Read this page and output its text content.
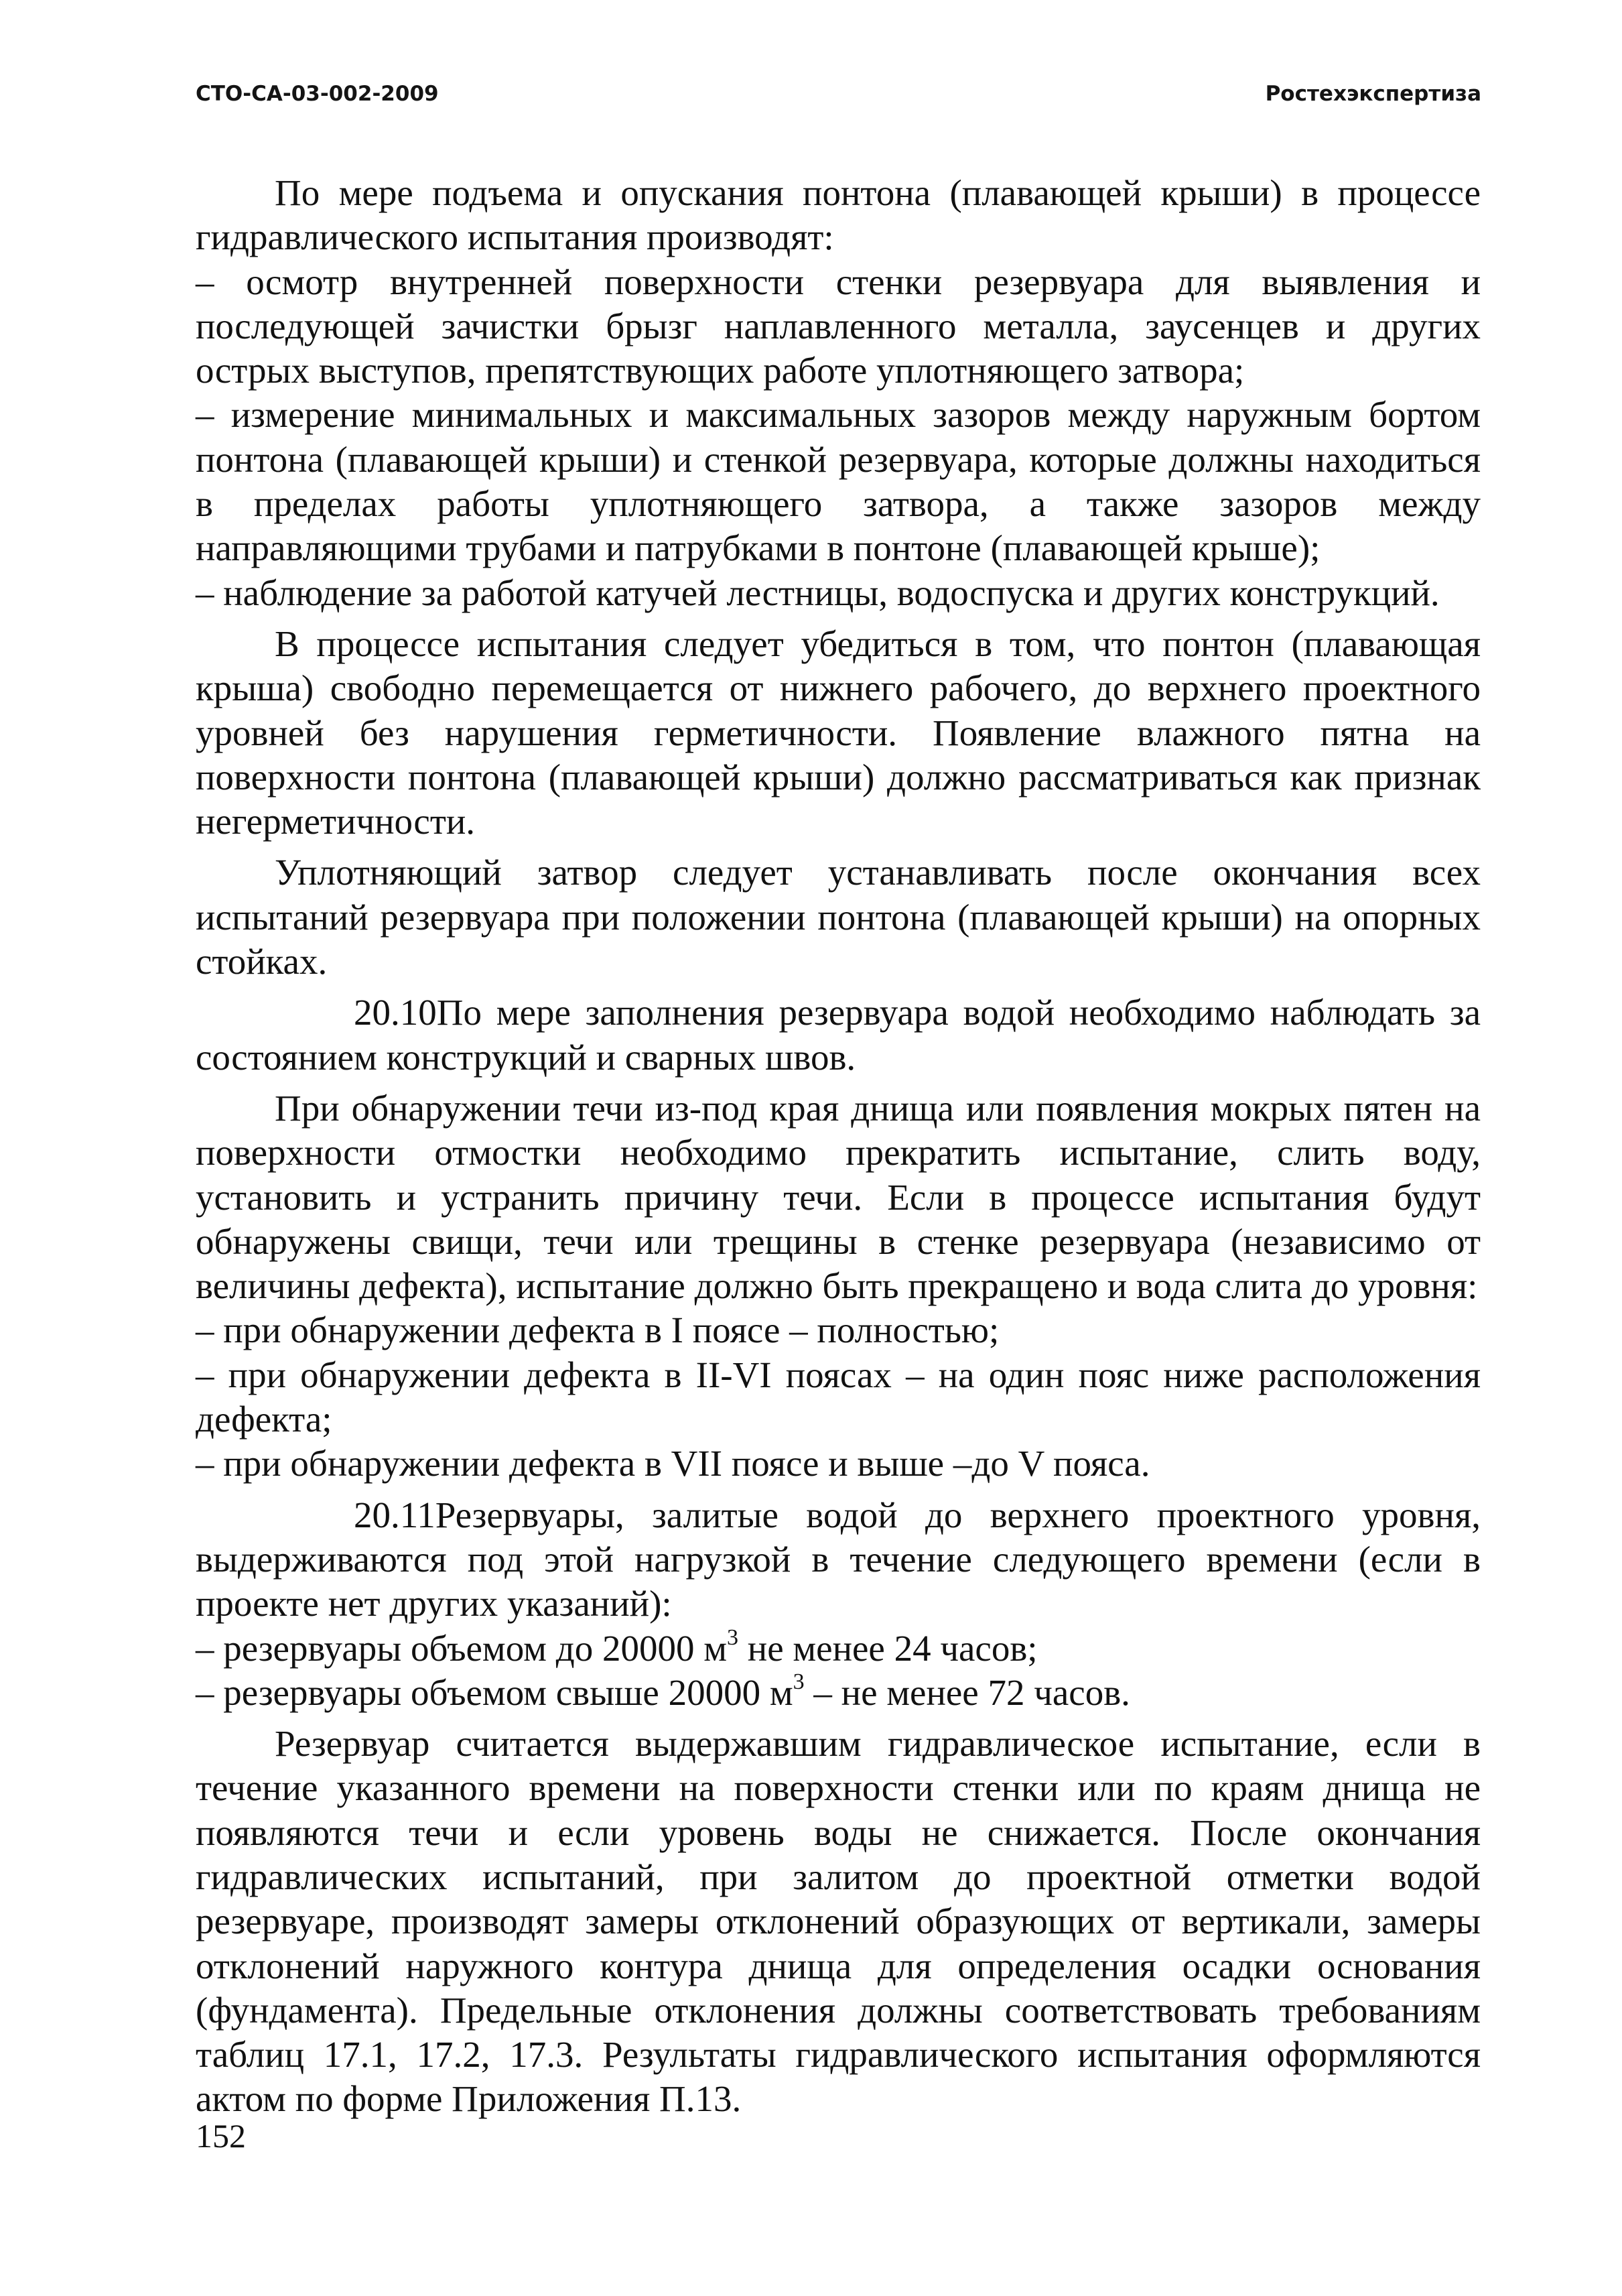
СТО-СА-03-002-2009	Ростехэкспертиза

По мере подъема и опускания понтона (плавающей крыши) в процессе гидравлического испытания производят:

– осмотр внутренней поверхности стенки резервуара для выявления и последующей зачистки брызг наплавленного металла, заусенцев и других острых выступов, препятствующих работе уплотняющего затвора;

– измерение минимальных и максимальных зазоров между наружным бортом понтона (плавающей крыши) и стенкой резервуара, которые должны находиться в пределах работы уплотняющего затвора, а также зазоров между направляющими трубами и патрубками в понтоне (плавающей крыше);

– наблюдение за работой катучей лестницы, водоспуска и других конструкций.

В процессе испытания следует убедиться в том, что понтон (плавающая крыша) свободно перемещается от нижнего рабочего, до верхнего проектного уровней без нарушения герметичности. Появление влажного пятна на поверхности понтона (плавающей крыши) должно рассматриваться как признак негерметичности.

Уплотняющий затвор следует устанавливать после окончания всех испытаний резервуара при положении понтона (плавающей крыши) на опорных стойках.

20.10По мере заполнения резервуара водой необходимо наблюдать за состоянием конструкций и сварных швов.

При обнаружении течи из-под края днища или появления мокрых пятен на поверхности отмостки необходимо прекратить испытание, слить воду, установить и устранить причину течи. Если в процессе испытания будут обнаружены свищи, течи или трещины в стенке резервуара (независимо от величины дефекта), испытание должно быть прекращено и вода слита до уровня:

– при обнаружении дефекта в I поясе – полностью;

– при обнаружении дефекта в II-VI поясах – на один пояс ниже расположения дефекта;

– при обнаружении дефекта в VII поясе и выше –до V пояса.

20.11Резервуары, залитые водой до верхнего проектного уровня, выдерживаются под этой нагрузкой в течение следующего времени (если в проекте нет других указаний):

– резервуары объемом до 20000 $м^3$ не менее 24 часов;

– резервуары объемом свыше 20000 $м^3$ – не менее 72 часов.

Резервуар считается выдержавшим гидравлическое испытание, если в течение указанного времени на поверхности стенки или по краям днища не появляются течи и если уровень воды не снижается. После окончания гидравлических испытаний, при залитом до проектной отметки водой резервуаре, производят замеры отклонений образующих от вертикали, замеры отклонений наружного контура днища для определения осадки основания (фундамента). Предельные отклонения должны соответствовать требованиям таблиц 17.1, 17.2, 17.3. Результаты гидравлического испытания оформляются актом по форме Приложения П.13.

152
